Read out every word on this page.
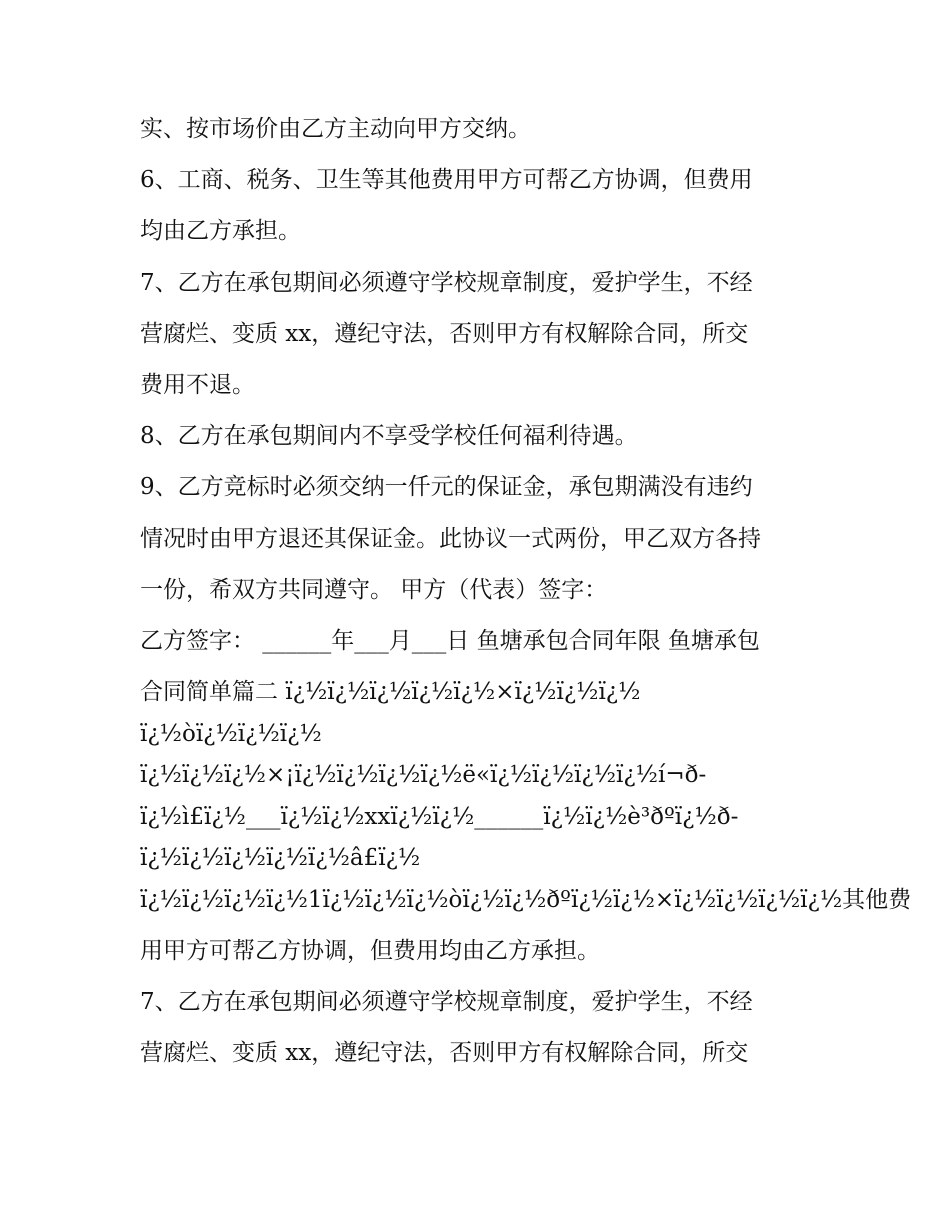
实、按市场价由乙方主动向甲方交纳。
6、工商、税务、卫生等其他费用甲方可帮乙方协调，但费用
均由乙方承担。
7、乙方在承包期间必须遵守学校规章制度，爱护学生，不经
营腐烂、变质 xx，遵纪守法，否则甲方有权解除合同，所交
费用不退。
8、乙方在承包期间内不享受学校任何福利待遇。
9、乙方竞标时必须交纳一仟元的保证金，承包期满没有违约
情况时由甲方退还其保证金。此协议一式两份，甲乙双方各持
一份，希双方共同遵守。 甲方（代表）签字：
乙方签字： ______年___月___日 鱼塘承包合同年限 鱼塘承包
合同简单篇二 ï¿½ï¿½ï¿½ï¿½ï¿½×ï¿½ï¿½ï¿½
ï¿½òï¿½ï¿½ï¿½
ï¿½ï¿½ï¿½×¡ï¿½ï¿½ï¿½ï¿½ë«ï¿½ï¿½ï¿½ï¿½í¬ð-
ï¿½ì£ï¿½___ï¿½ï¿½xxï¿½ï¿½______ï¿½ï¿½è³ðºï¿½ð-
ï¿½ï¿½ï¿½ï¿½ï¿½â£ï¿½
ï¿½ï¿½ï¿½ï¿½1ï¿½ï¿½ï¿½òï¿½ï¿½ðºï¿½ï¿½×ï¿½ï¿½ï¿½ï¿½其他费
用甲方可帮乙方协调，但费用均由乙方承担。
7、乙方在承包期间必须遵守学校规章制度，爱护学生，不经
营腐烂、变质 xx，遵纪守法，否则甲方有权解除合同，所交
